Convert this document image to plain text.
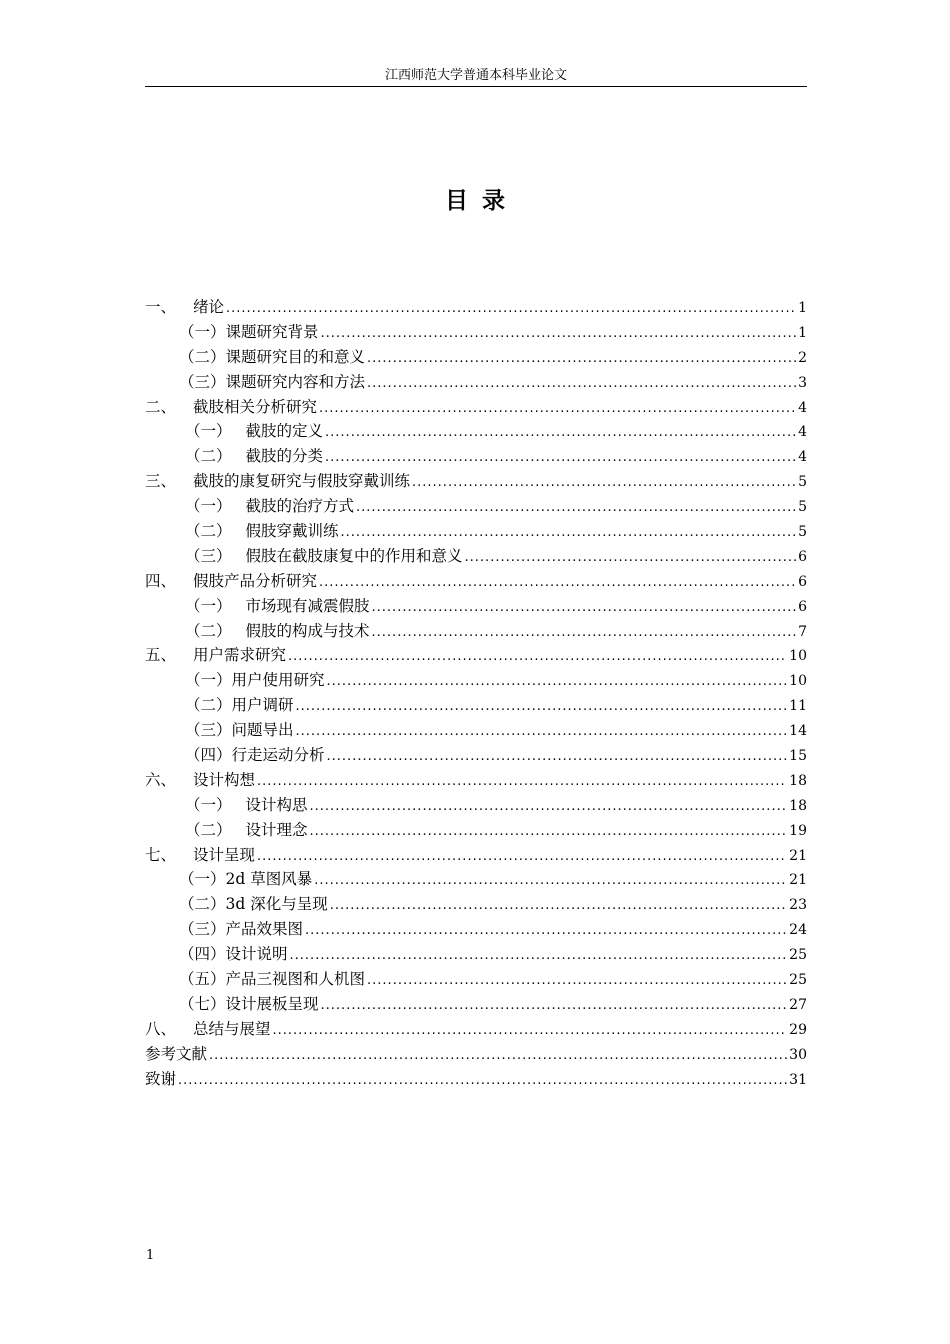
江西师范大学普通本科毕业论文
目录
一、	绪论 .....	1
（一） 课题研究背景 .....	1
（二） 课题研究目的和意义 .....	2
（三） 课题研究内容和方法 .....	3
二、	截肢相关分析研究 .....	4
（一） 截肢的定义 .....	4
（二） 截肢的分类 .....	4
三、	截肢的康复研究与假肢穿戴训练 .....	5
（一） 截肢的治疗方式 .....	5
（二） 假肢穿戴训练 .....	5
（三） 假肢在截肢康复中的作用和意义 .....	6
四、	假肢产品分析研究 .....	6
（一） 市场现有减震假肢 .....	6
（二） 假肢的构成与技术 .....	7
五、	用户需求研究 .....	10
（一） 用户使用研究 .....	10
（二） 用户调研 .....	11
（三） 问题导出 .....	14
（四） 行走运动分析 .....	15
六、	设计构想 .....	18
（一） 设计构思 .....	18
（二） 设计理念 .....	19
七、	设计呈现 .....	21
（一） 2d 草图风暴 .....	21
（二） 3d 深化与呈现 .....	23
（三） 产品效果图 .....	24
（四） 设计说明 .....	25
（五） 产品三视图和人机图 .....	25
（七） 设计展板呈现 .....	27
八、	总结与展望 .....	29
参考文献 .....	30
致谢 .....	31
1
